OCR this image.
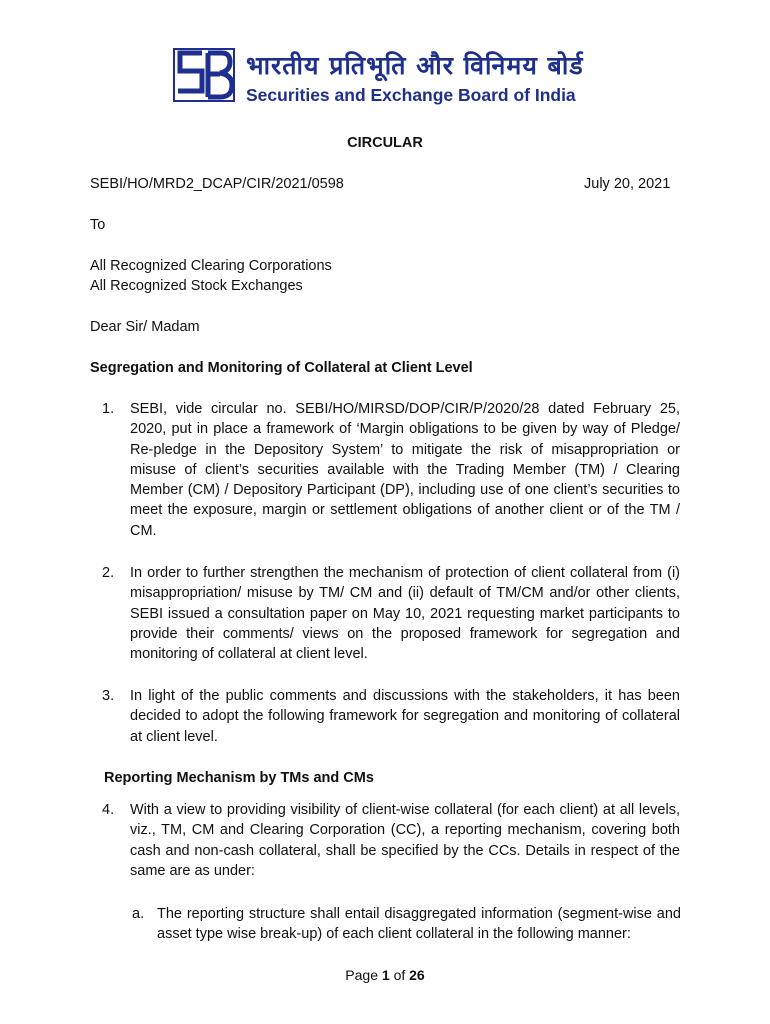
भारतीय प्रतिभूति और विनिमय बोर्ड
Securities and Exchange Board of India
CIRCULAR
SEBI/HO/MRD2_DCAP/CIR/2021/0598	July 20, 2021
To
All Recognized Clearing Corporations
All Recognized Stock Exchanges
Dear Sir/ Madam
Segregation and Monitoring of Collateral at Client Level
1. SEBI, vide circular no. SEBI/HO/MIRSD/DOP/CIR/P/2020/28 dated February 25, 2020, put in place a framework of ‘Margin obligations to be given by way of Pledge/ Re-pledge in the Depository System’ to mitigate the risk of misappropriation or misuse of client’s securities available with the Trading Member (TM) / Clearing Member (CM) / Depository Participant (DP), including use of one client’s securities to meet the exposure, margin or settlement obligations of another client or of the TM / CM.
2. In order to further strengthen the mechanism of protection of client collateral from (i) misappropriation/ misuse by TM/ CM and (ii) default of TM/CM and/or other clients, SEBI issued a consultation paper on May 10, 2021 requesting market participants to provide their comments/ views on the proposed framework for segregation and monitoring of collateral at client level.
3. In light of the public comments and discussions with the stakeholders, it has been decided to adopt the following framework for segregation and monitoring of collateral at client level.
Reporting Mechanism by TMs and CMs
4. With a view to providing visibility of client-wise collateral (for each client) at all levels, viz., TM, CM and Clearing Corporation (CC), a reporting mechanism, covering both cash and non-cash collateral, shall be specified by the CCs. Details in respect of the same are as under:
a. The reporting structure shall entail disaggregated information (segment-wise and asset type wise break-up) of each client collateral in the following manner:
Page 1 of 26
